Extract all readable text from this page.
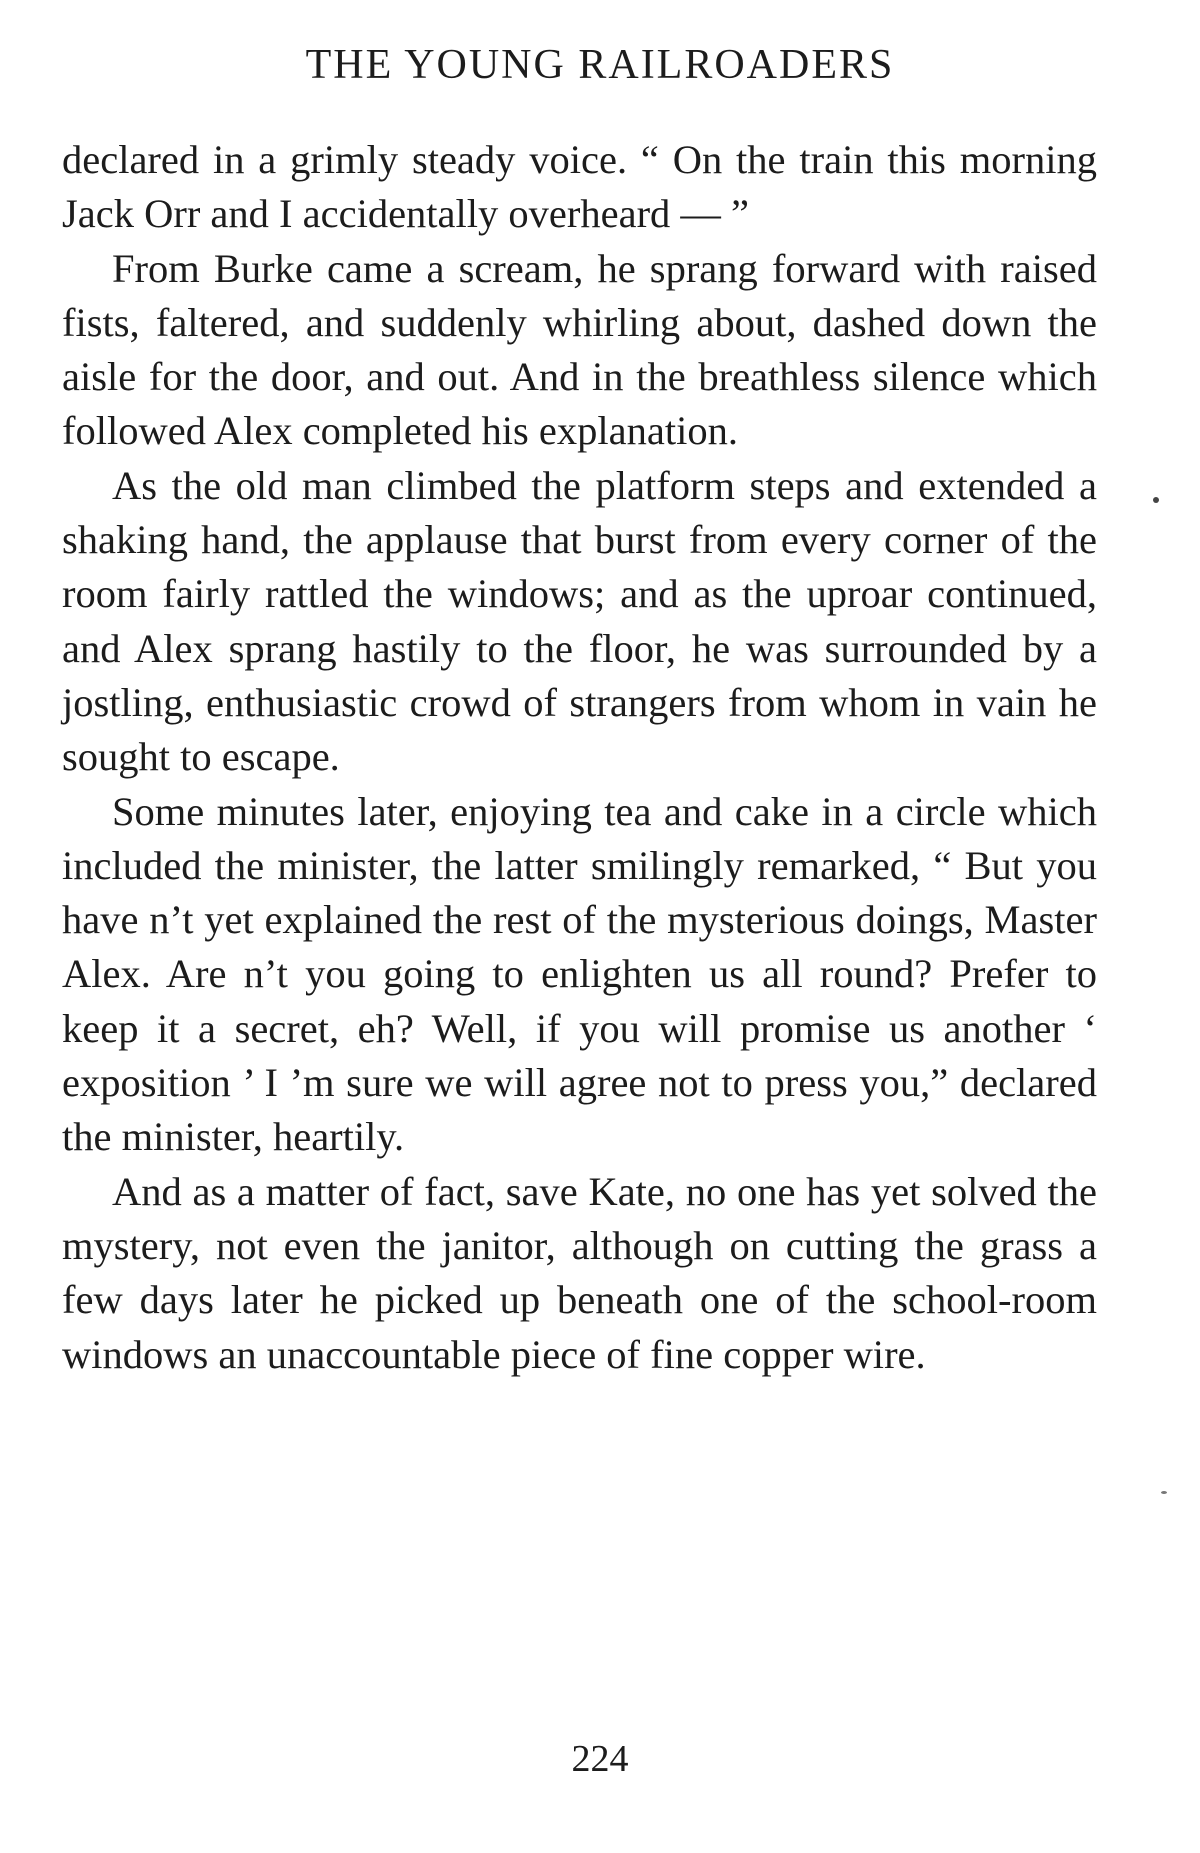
THE YOUNG RAILROADERS

declared in a grimly steady voice. “ On the train this morning Jack Orr and I accidentally overheard — ”

From Burke came a scream, he sprang forward with raised fists, faltered, and suddenly whirling about, dashed down the aisle for the door, and out. And in the breathless silence which followed Alex completed his explanation.

As the old man climbed the platform steps and extended a shaking hand, the applause that burst from every corner of the room fairly rattled the windows; and as the uproar continued, and Alex sprang hastily to the floor, he was surrounded by a jostling, enthusiastic crowd of strangers from whom in vain he sought to escape.

Some minutes later, enjoying tea and cake in a circle which included the minister, the latter smilingly remarked, “ But you have n’t yet explained the rest of the mysterious doings, Master Alex. Are n’t you going to enlighten us all round? Prefer to keep it a secret, eh? Well, if you will promise us another ‘ exposition ’ I ’m sure we will agree not to press you,” declared the minister, heartily.

And as a matter of fact, save Kate, no one has yet solved the mystery, not even the janitor, although on cutting the grass a few days later he picked up beneath one of the school-room windows an unaccountable piece of fine copper wire.

224
